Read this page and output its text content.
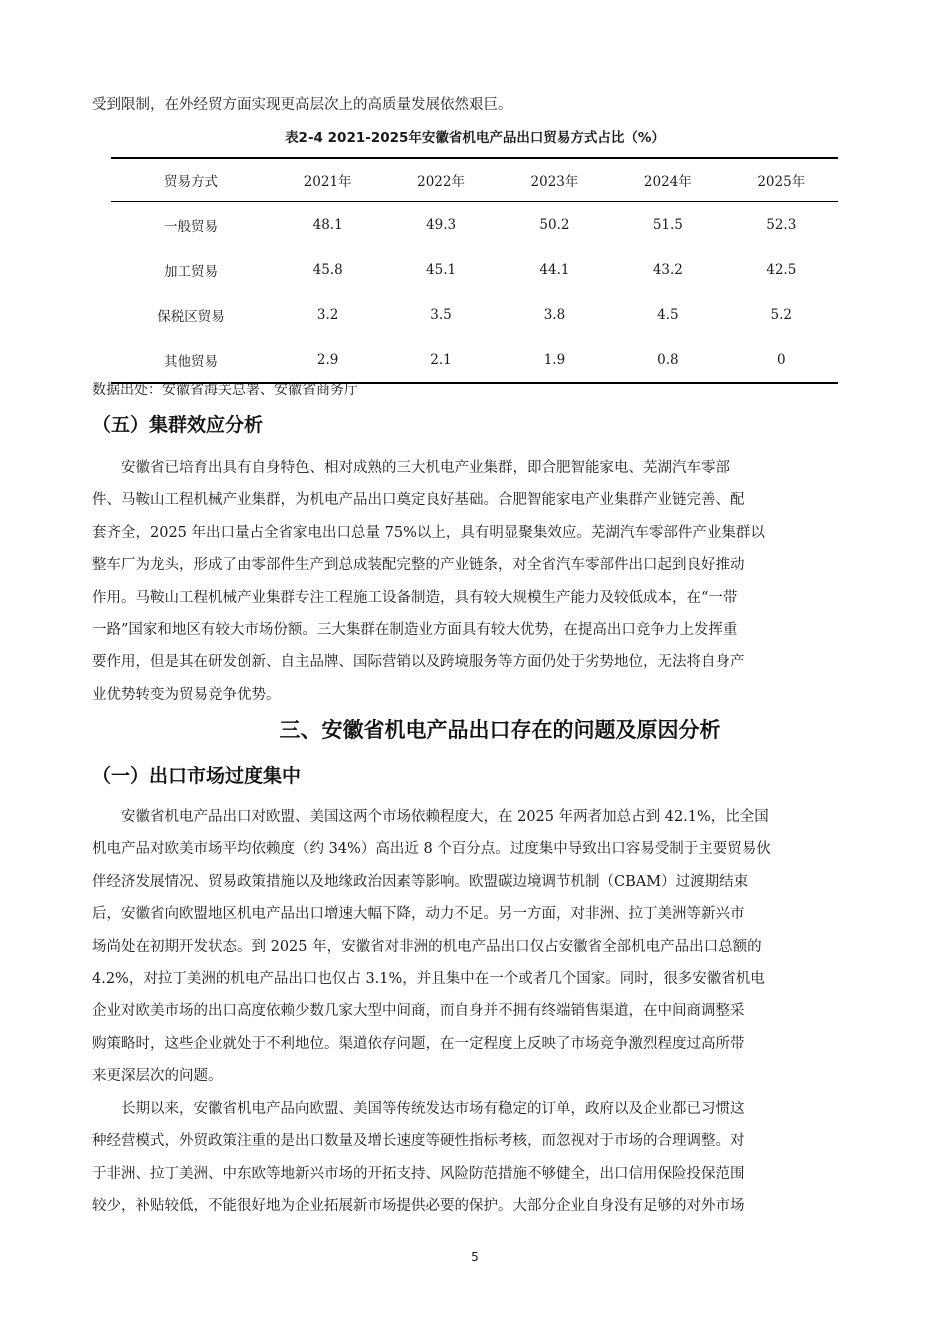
受到限制，在外经贸方面实现更高层次上的高质量发展依然艰巨。
表2-4 2021-2025年安徽省机电产品出口贸易方式占比（%）
贸易方式	2021年	2022年	2023年	2024年	2025年
一般贸易	48.1	49.3	50.2	51.5	52.3
加工贸易	45.8	45.1	44.1	43.2	42.5
保税区贸易	3.2	3.5	3.8	4.5	5.2
其他贸易	2.9	2.1	1.9	0.8	0
数据出处：安徽省海关总署、安徽省商务厅
（五）集群效应分析
安徽省已培育出具有自身特色、相对成熟的三大机电产业集群，即合肥智能家电、芜湖汽车零部
件、马鞍山工程机械产业集群，为机电产品出口奠定良好基础。合肥智能家电产业集群产业链完善、配
套齐全，2025 年出口量占全省家电出口总量 75%以上，具有明显聚集效应。芜湖汽车零部件产业集群以
整车厂为龙头，形成了由零部件生产到总成装配完整的产业链条，对全省汽车零部件出口起到良好推动
作用。马鞍山工程机械产业集群专注工程施工设备制造，具有较大规模生产能力及较低成本，在“一带
一路”国家和地区有较大市场份额。三大集群在制造业方面具有较大优势，在提高出口竞争力上发挥重
要作用，但是其在研发创新、自主品牌、国际营销以及跨境服务等方面仍处于劣势地位，无法将自身产
业优势转变为贸易竞争优势。
三、安徽省机电产品出口存在的问题及原因分析
（一）出口市场过度集中
安徽省机电产品出口对欧盟、美国这两个市场依赖程度大，在 2025 年两者加总占到 42.1%，比全国
机电产品对欧美市场平均依赖度（约 34%）高出近 8 个百分点。过度集中导致出口容易受制于主要贸易伙
伴经济发展情况、贸易政策措施以及地缘政治因素等影响。欧盟碳边境调节机制（CBAM）过渡期结束
后，安徽省向欧盟地区机电产品出口增速大幅下降，动力不足。另一方面，对非洲、拉丁美洲等新兴市
场尚处在初期开发状态。到 2025 年，安徽省对非洲的机电产品出口仅占安徽省全部机电产品出口总额的
4.2%，对拉丁美洲的机电产品出口也仅占 3.1%，并且集中在一个或者几个国家。同时，很多安徽省机电
企业对欧美市场的出口高度依赖少数几家大型中间商，而自身并不拥有终端销售渠道，在中间商调整采
购策略时，这些企业就处于不利地位。渠道依存问题，在一定程度上反映了市场竞争激烈程度过高所带
来更深层次的问题。
长期以来，安徽省机电产品向欧盟、美国等传统发达市场有稳定的订单，政府以及企业都已习惯这
种经营模式，外贸政策注重的是出口数量及增长速度等硬性指标考核，而忽视对于市场的合理调整。对
于非洲、拉丁美洲、中东欧等地新兴市场的开拓支持、风险防范措施不够健全，出口信用保险投保范围
较少，补贴较低，不能很好地为企业拓展新市场提供必要的保护。大部分企业自身没有足够的对外市场
5
